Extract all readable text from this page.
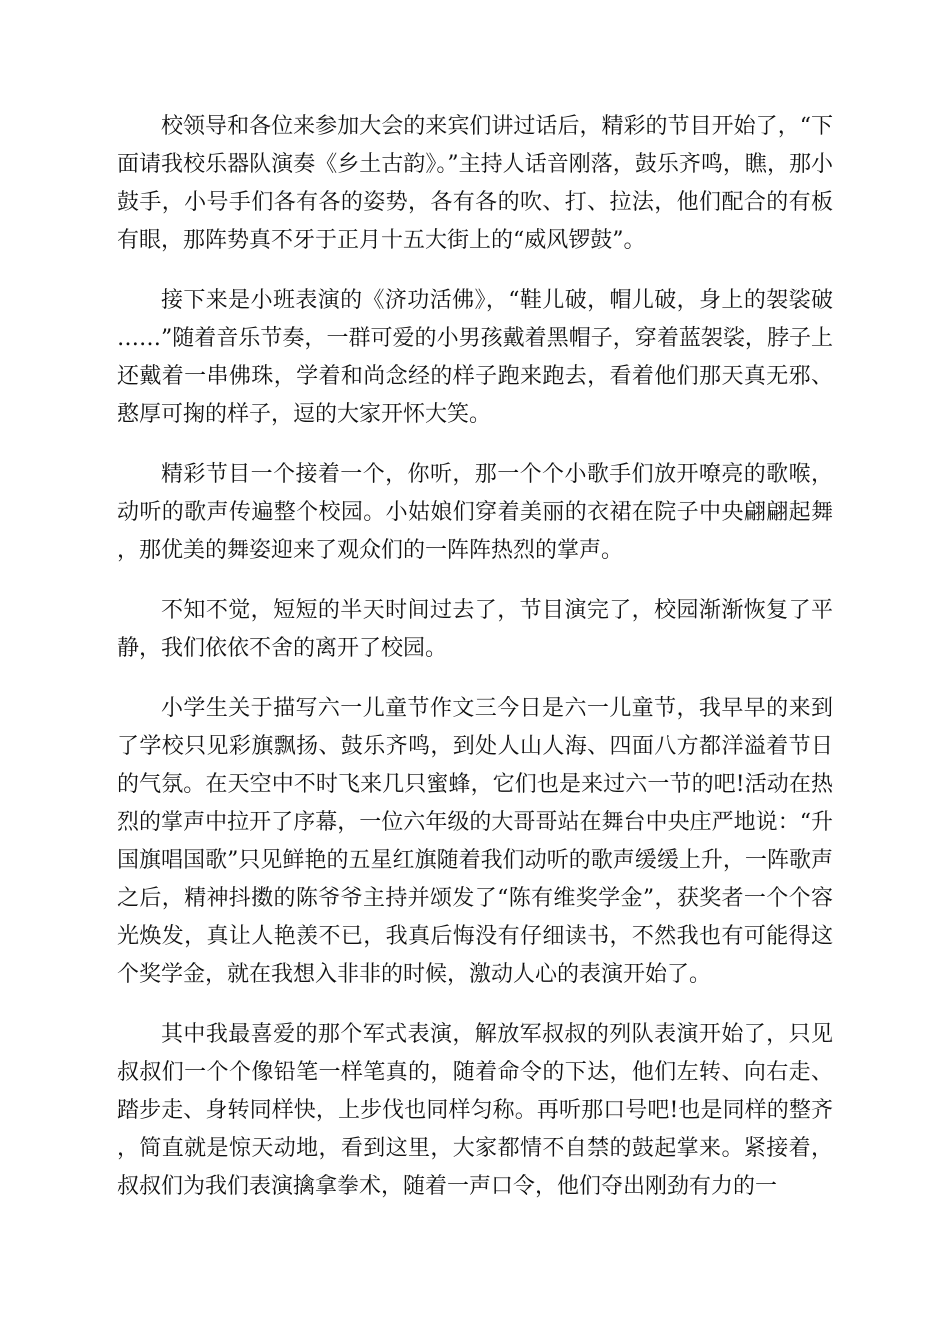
校领导和各位来参加大会的来宾们讲过话后，精彩的节目开始了，“下面请我校乐器队演奏《乡土古韵》。”主持人话音刚落，鼓乐齐鸣，瞧，那小鼓手，小号手们各有各的姿势，各有各的吹、打、拉法，他们配合的有板有眼，那阵势真不牙于正月十五大街上的“威风锣鼓”。

接下来是小班表演的《济功活佛》，“鞋儿破，帽儿破，身上的袈裟破……”随着音乐节奏，一群可爱的小男孩戴着黑帽子，穿着蓝袈裟，脖子上还戴着一串佛珠，学着和尚念经的样子跑来跑去，看着他们那天真无邪、憨厚可掬的样子，逗的大家开怀大笑。

精彩节目一个接着一个，你听，那一个个小歌手们放开嘹亮的歌喉，动听的歌声传遍整个校园。小姑娘们穿着美丽的衣裙在院子中央翩翩起舞，那优美的舞姿迎来了观众们的一阵阵热烈的掌声。

不知不觉，短短的半天时间过去了，节目演完了，校园渐渐恢复了平静，我们依依不舍的离开了校园。

小学生关于描写六一儿童节作文三今日是六一儿童节，我早早的来到了学校只见彩旗飘扬、鼓乐齐鸣，到处人山人海、四面八方都洋溢着节日的气氛。在天空中不时飞来几只蜜蜂，它们也是来过六一节的吧!活动在热烈的掌声中拉开了序幕，一位六年级的大哥哥站在舞台中央庄严地说：“升国旗唱国歌”只见鲜艳的五星红旗随着我们动听的歌声缓缓上升，一阵歌声之后，精神抖擞的陈爷爷主持并颂发了“陈有维奖学金”，获奖者一个个容光焕发，真让人艳羡不已，我真后悔没有仔细读书，不然我也有可能得这个奖学金，就在我想入非非的时候，激动人心的表演开始了。

其中我最喜爱的那个军式表演，解放军叔叔的列队表演开始了，只见叔叔们一个个像铅笔一样笔真的，随着命令的下达，他们左转、向右走、踏步走、身转同样快，上步伐也同样匀称。再听那口号吧!也是同样的整齐，简直就是惊天动地，看到这里，大家都情不自禁的鼓起掌来。紧接着，叔叔们为我们表演擒拿拳术，随着一声口令，他们夺出刚劲有力的一
